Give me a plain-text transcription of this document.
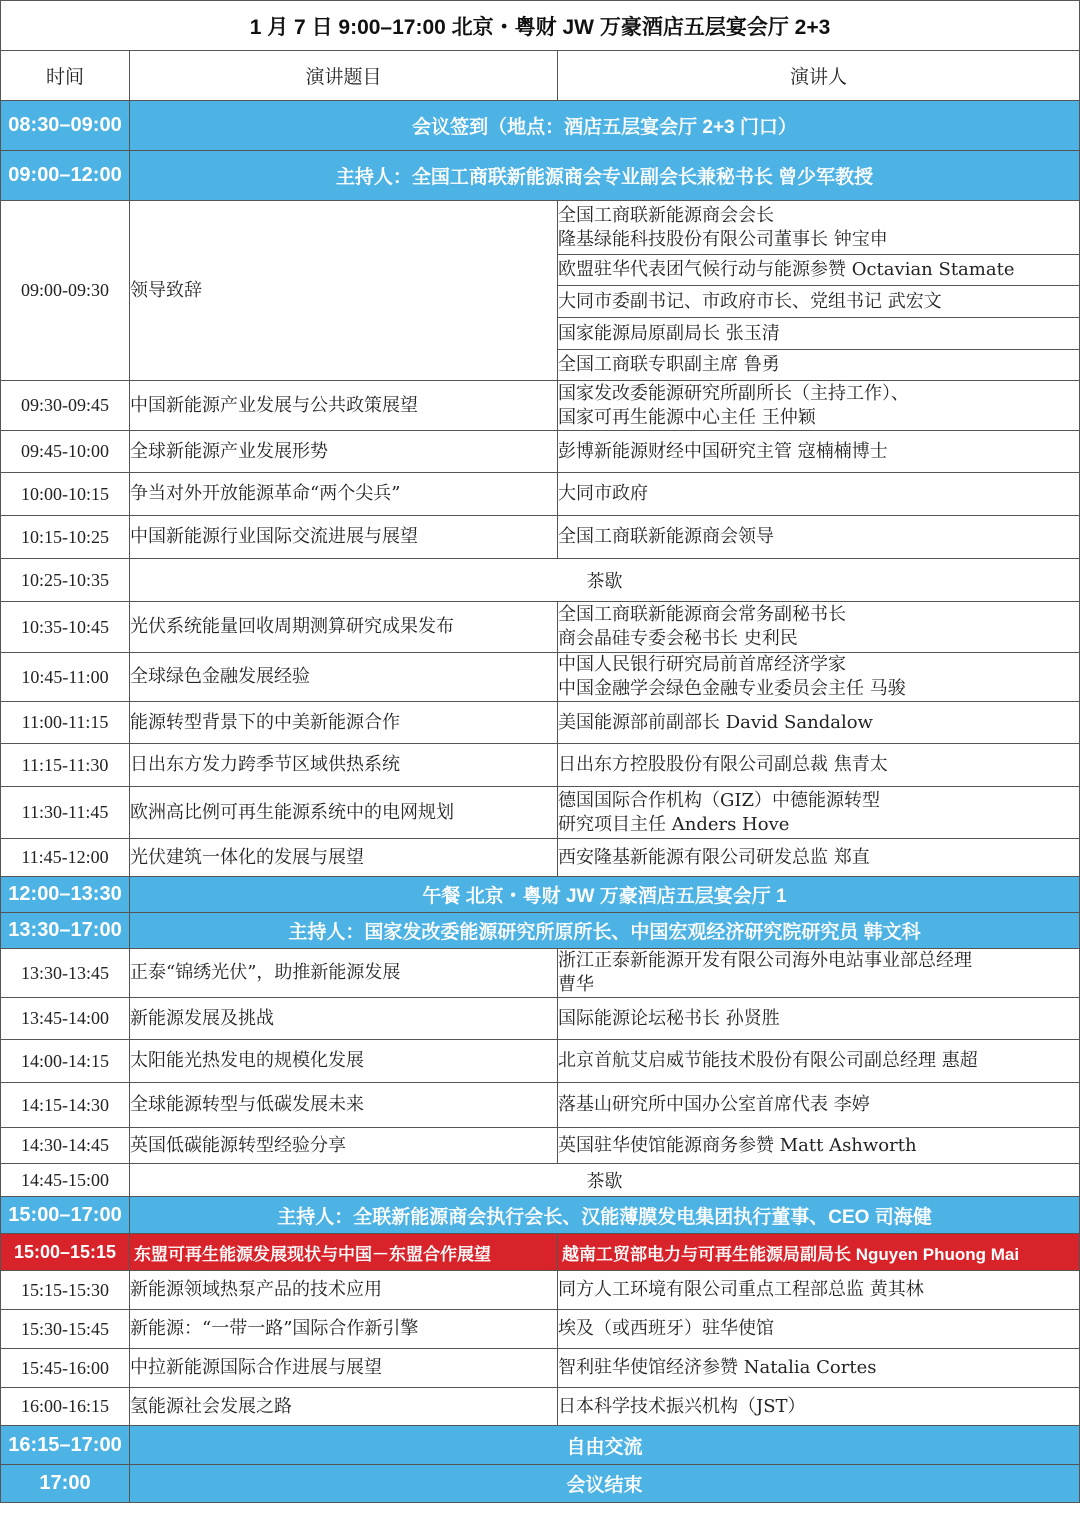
1 月 7 日 9:00–17:00 北京・粤财 JW 万豪酒店五层宴会厅 2+3		
时间	演讲题目	演讲人
08:30–09:00	会议签到（地点：酒店五层宴会厅 2+3 门口）	
09:00–12:00	主持人：全国工商联新能源商会专业副会长兼秘书长 曾少军教授	
09:00-09:30	领导致辞	全国工商联新能源商会会长
隆基绿能科技股份有限公司董事长 钟宝申

		欧盟驻华代表团气候行动与能源参赞 Octavian Stamate

		大同市委副书记、市政府市长、党组书记 武宏文

		国家能源局原副局长 张玉清

		全国工商联专职副主席 鲁勇

09:30-09:45	中国新能源产业发展与公共政策展望	国家发改委能源研究所副所长（主持工作）、
国家可再生能源中心主任 王仲颖

09:45-10:00	全球新能源产业发展形势	彭博新能源财经中国研究主管 寇楠楠博士

10:00-10:15	争当对外开放能源革命“两个尖兵”	大同市政府

10:15-10:25	中国新能源行业国际交流进展与展望	全国工商联新能源商会领导

10:25-10:35	茶歇	
10:35-10:45	光伏系统能量回收周期测算研究成果发布	全国工商联新能源商会常务副秘书长
商会晶硅专委会秘书长 史利民

10:45-11:00	全球绿色金融发展经验	中国人民银行研究局前首席经济学家
中国金融学会绿色金融专业委员会主任 马骏

11:00-11:15	能源转型背景下的中美新能源合作	美国能源部前副部长 David Sandalow

11:15-11:30	日出东方发力跨季节区域供热系统	日出东方控股股份有限公司副总裁 焦青太

11:30-11:45	欧洲高比例可再生能源系统中的电网规划	德国国际合作机构（GIZ）中德能源转型
研究项目主任 Anders Hove

11:45-12:00	光伏建筑一体化的发展与展望	西安隆基新能源有限公司研发总监 郑直

12:00–13:30	午餐 北京・粤财 JW 万豪酒店五层宴会厅 1	
13:30–17:00	主持人：国家发改委能源研究所原所长、中国宏观经济研究院研究员 韩文科	
13:30-13:45	正泰“锦绣光伏”，助推新能源发展	浙江正泰新能源开发有限公司海外电站事业部总经理
曹华

13:45-14:00	新能源发展及挑战	国际能源论坛秘书长 孙贤胜

14:00-14:15	太阳能光热发电的规模化发展	北京首航艾启威节能技术股份有限公司副总经理 惠超

14:15-14:30	全球能源转型与低碳发展未来	落基山研究所中国办公室首席代表 李婷

14:30-14:45	英国低碳能源转型经验分享	英国驻华使馆能源商务参赞 Matt Ashworth

14:45-15:00	茶歇	
15:00–17:00	主持人：全联新能源商会执行会长、汉能薄膜发电集团执行董事、CEO 司海健	
15:00–15:15	东盟可再生能源发展现状与中国－东盟合作展望	越南工贸部电力与可再生能源局副局长 Nguyen Phuong Mai
15:15-15:30	新能源领域热泵产品的技术应用	同方人工环境有限公司重点工程部总监 黄其林

15:30-15:45	新能源：“一带一路”国际合作新引擎	埃及（或西班牙）驻华使馆

15:45-16:00	中拉新能源国际合作进展与展望	智利驻华使馆经济参赞 Natalia Cortes

16:00-16:15	氢能源社会发展之路	日本科学技术振兴机构（JST）

16:15–17:00	自由交流	
17:00	会议结束	
